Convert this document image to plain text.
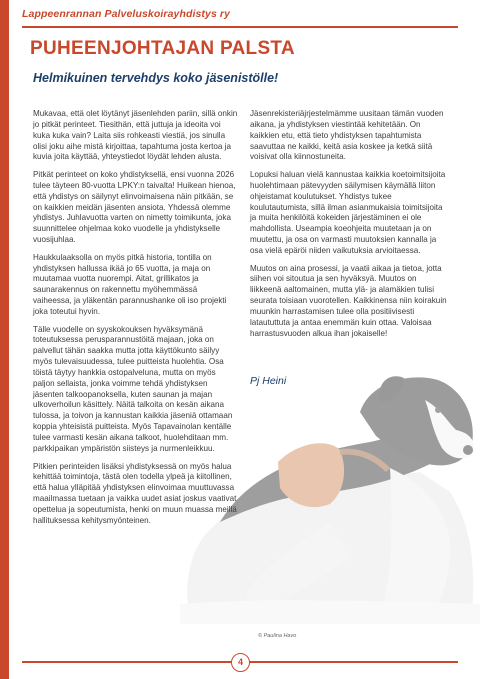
Lappeenrannan Palveluskoirayhdistys ry
PUHEENJOHTAJAN PALSTA
Helmikuinen tervehdys koko jäsenistölle!

Mukavaa, että olet löytänyt jäsenlehden pariin, sillä onkin jo pitkät perinteet. Tiesithän, että juttuja ja ideoita voi kuka kuka vain? Laita siis rohkeasti viestiä, jos sinulla olisi joku aihe mistä kirjoittaa, tapahtuma josta kertoa ja kuvia joita käyttää, yhteystiedot löydät lehden alusta.

Pitkät perinteet on koko yhdistyksellä, ensi vuonna 2026 tulee täyteen 80-vuotta LPKY:n taivalta! Huikean hienoa, että yhdistys on säilynyt elinvoimaisena näin pitkään, se on kaikkien meidän jäsenten ansiota. Yhdessä olemme yhdistys. Juhlavuotta varten on nimetty toimikunta, joka suunnittelee ohjelmaa koko vuodelle ja yhdistykselle vuosijuhlaa.

Haukkulaaksolla on myös pitkä historia, tontilla on yhdistyksen hallussa ikää jo 65 vuotta, ja maja on muutamaa vuotta nuorempi. Aitat, grillikatos ja saunarakennus on rakennettu myöhemmässä vaiheessa, ja yläkentän parannushanke oli iso projekti joka toteutui hyvin.

Tälle vuodelle on syyskokouksen hyväksymänä toteutuksessa perusparannustöitä majaan, joka on palvellut tähän saakka mutta jotta käyttökunto säilyy myös tulevaisuudessa, tulee puitteista huolehtia. Osa töistä täytyy hankkia ostopalveluna, mutta on myös paljon sellaista, jonka voimme tehdä yhdistyksen jäsenten talkoopanoksella, kuten saunan ja majan ulkoverhoilun käsittely. Näitä talkoita on kesän aikana tulossa, ja toivon ja kannustan kaikkia jäseniä ottamaan koppia yhteisistä puitteista. Myös Tapavainolan kentälle tulee varmasti kesän aikana talkoot, huolehditaan mm. parkkipaikan ympäristön siisteys ja nurmenleikkuu.

Pitkien perinteiden lisäksi yhdistyksessä on myös halua kehittää toimintoja, tästä olen todella ylpeä ja kiitollinen, että halua ylläpitää yhdistyksen elinvoimaa muuttuvassa maailmassa tuetaan ja vaikka uudet asiat joskus vaativat opettelua ja sopeutumista, henki on muun muassa meillä hallituksessa kehitysmyönteinen.

Jäsenrekisteriäjrjestelmämme uusitaan tämän vuoden aikana, ja yhdistyksen viestintää kehitetään. On kaikkien etu, että tieto yhdistyksen tapahtumista saavuttaa ne kaikki, keitä asia koskee ja ketkä siitä voisivat olla kiinnostuneita.

Lopuksi haluan vielä kannustaa kaikkia koetoimitsijoita huolehtimaan pätevyyden säilymisen käymällä liiton ohjeistamat koulutukset. Yhdistys tukee koulutautumista, sillä ilman asianmukaisia toimitsijoita ja muita henkilöitä kokeiden järjestäminen ei ole mahdollista. Useampia koeohjeita muutetaan ja on muutettu, ja osa on varmasti muutoksien kannalla ja osa vielä epäröi niiden vaikutuksia arvioitaessa.

Muutos on aina prosessi, ja vaatii aikaa ja tietoa, jotta siihen voi sitoutua ja sen hyväksyä. Muutos on liikkeenä aaltomainen, mutta ylä- ja alamäkien tulisi seurata toisiaan vuorotellen. Kaikkinensa niin koirakuin muunkin harrastamisen tulee olla positiivisesti lataututtuta ja antaa enemmän kuin ottaa. Valoisaa harrastusvuoden alkua ihan jokaiselle!

Pj Heini
© Paulina Havo
4
